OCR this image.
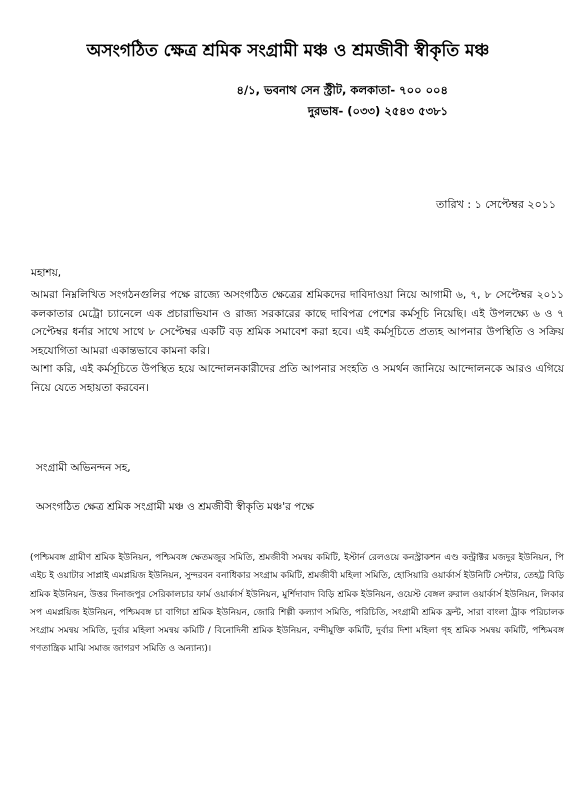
অসংগঠিত ক্ষেত্র শ্রমিক সংগ্রামী মঞ্চ ও শ্রমজীবী স্বীকৃতি মঞ্চ
৪/১, ভবনাথ সেন স্ট্রীট, কলকাতা- ৭০০ ০০৪
দুরভাষ- (০৩৩) ২৫৪৩ ৫৩৮১
তারিখ : ১ সেপ্টেম্বর ২০১১
মহাশয়,

আমরা নিম্নলিখিত সংগঠনগুলির পক্ষে রাজ্যে অসংগঠিত ক্ষেত্রের শ্রমিকদের দাবিদাওয়া নিয়ে আগামী ৬, ৭, ৮ সেপ্টেম্বর ২০১১ কলকাতার মেট্রো চ্যানেলে এক প্রচারাভিযান ও রাজ্য সরকারের কাছে দাবিপত্র পেশের কর্মসূচি নিয়েছি। এই উপলক্ষ্যে ৬ ও ৭ সেপ্টেম্বর ধর্নার সাথে সাথে ৮ সেপ্টেম্বর একটি বড় শ্রমিক সমাবেশ করা হবে। এই কর্মসূচিতে প্রত্যহ আপনার উপস্থিতি ও সক্রিয় সহযোগিতা আমরা একান্তভাবে কামনা করি।

আশা করি, এই কর্মসূচিতে উপস্থিত হয়ে আন্দোলনকারীদের প্রতি আপনার সংহতি ও সমর্থন জানিয়ে আন্দোলনকে আরও এগিয়ে নিয়ে যেতে সহায়তা করবেন।

সংগ্রামী অভিনন্দন সহ,
অসংগঠিত ক্ষেত্র শ্রমিক সংগ্রামী মঞ্চ ও শ্রমজীবী স্বীকৃতি মঞ্চ'র পক্ষে
(পশ্চিমবঙ্গ গ্রামীণ শ্রমিক ইউনিয়ন, পশ্চিমবঙ্গ ক্ষেতমজুর সমিতি, শ্রমজীবী সমন্বয় কমিটি, ইস্টার্ন রেলওয়ে কনস্ট্রাকশন এণ্ড কন্ট্রাক্টর মজদুর ইউনিয়ন, পি এইচ ই ওয়াটার সাপ্লাই এমপ্লয়িজ ইউনিয়ন, সুন্দরবন বনাধিকার সংগ্রাম কমিটি, শ্রমজীবী মহিলা সমিতি, হোসিয়ারি ওয়ার্কার্স ইউনিটি সেন্টার, তেহট্ট বিড়ি শ্রমিক ইউনিয়ন, উত্তর দিনাজপুর সেরিকালচার ফার্ম ওয়ার্কার্স ইউনিয়ন, মুর্শিদাবাদ বিড়ি শ্রমিক ইউনিয়ন, ওয়েস্ট বেঙ্গল রুরাল ওয়ার্কার্স ইউনিয়ন, লিকার সপ এমপ্লয়িজ ইউনিয়ন, পশ্চিমবঙ্গ চা বাগিচা শ্রমিক ইউনিয়ন, জোরি শিল্পী কল্যাণ সমিতি, পরিচিতি, সংগ্রামী শ্রমিক ফ্রন্ট, সারা বাংলা ট্রাক পরিচালক সংগ্রাম সমন্বয় সমিতি, দুর্বার মহিলা সমন্বয় কমিটি / বিনোদিনী শ্রমিক ইউনিয়ন, বন্দীমুক্তি কমিটি, দুর্বার দিশা মহিলা গৃহ শ্রমিক সমন্বয় কমিটি, পশ্চিমবঙ্গ গণতান্ত্রিক মাঝি সমাজ জাগরণ সমিতি ও অন্যান্য)।
